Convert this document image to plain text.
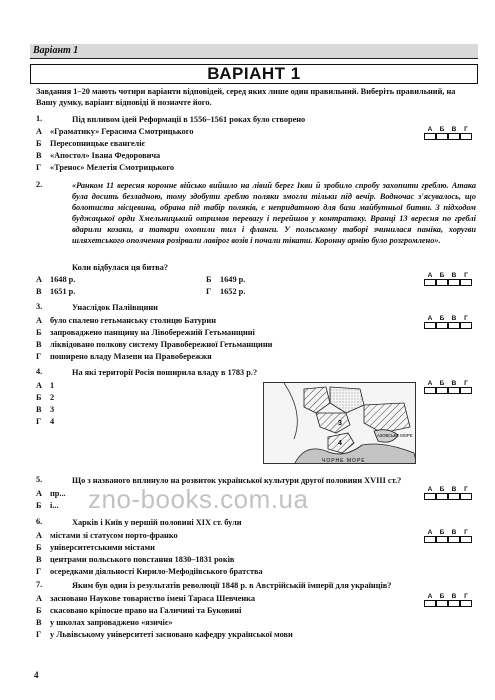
Варіант 1
ВАРІАНТ 1
Завдання 1–20 мають чотири варіанти відповідей, серед яких лише один правильний. Виберіть правильний, на Вашу думку, варіант відповіді й позначте його.
1.	Під впливом ідей Реформації в 1556–1561 роках було створено
А «Граматику» Герасима Смотрицького
Б Пересопницьке євангеліє
В «Апостол» Івана Федоровича
Г «Тренос» Мелетія Смотрицького
А	Б	В	Г
2.	«Ранком 11 вересня коронне військо вийшло на лівий берег Ікви й зробило спробу захопити греблю. Атака була досить безладною, тому здобути греблю поляки змогли тільки під вечір. Водночас з'ясувалось, що болотиста місцевина, обрана під табір поляків, є непридатною для бази майбутньої битви. З підходом буджацької орди Хмельницький отримав перевагу і перейшов у контратаку. Вранці 13 вересня по греблі вдарили козаки, а татари охопили тил і фланги. У польському таборі зчинилася паніка, хоругви шляхетського ополчення розірвали лавірог возів і почали тікати. Коронну армію було розгромлено».
Коли відбулася ця битва?
А 1648 р.	Б 1649 р.
В 1651 р.	Г 1652 р.
А	Б	В	Г
3.	Унаслідок Паліївщини
А було спалено гетьманську столицю Батурин
Б запроваджено панщину на Лівобережній Гетьманщині
В ліквідовано полкову систему Правобережної Гетьманщини
Г поширено владу Мазепи на Правобережжя
А	Б	В	Г
4.	На які території Росія поширила владу в 1783 р.?
А 1
Б 2
В 3
Г 4
А	Б	В	Г
3
4
АЗОВСЬКЕ МОРЕ
ЧОРНЕ МОРЕ
5.	Що з названого вплинуло на розвиток української культури другої половини XVIII ст.?
А пр...
Б і...
А	Б	В	Г
zno-books.com.ua
6.	Харків і Київ у першій половині XIX ст. були
А містами зі статусом порто-франко
Б університетськими містами
В центрами польського повстання 1830–1831 років
Г осередками діяльності Кирило-Мефодіївського братства
А	Б	В	Г
7.	Яким був один із результатів революції 1848 р. в Австрійській імперії для українців?
А засновано Наукове товариство імені Тараса Шевченка
Б скасовано кріпосне право на Галичині та Буковині
В у школах запроваджено «язичіє»
Г у Львівському університеті засновано кафедру української мови
А	Б	В	Г
4
